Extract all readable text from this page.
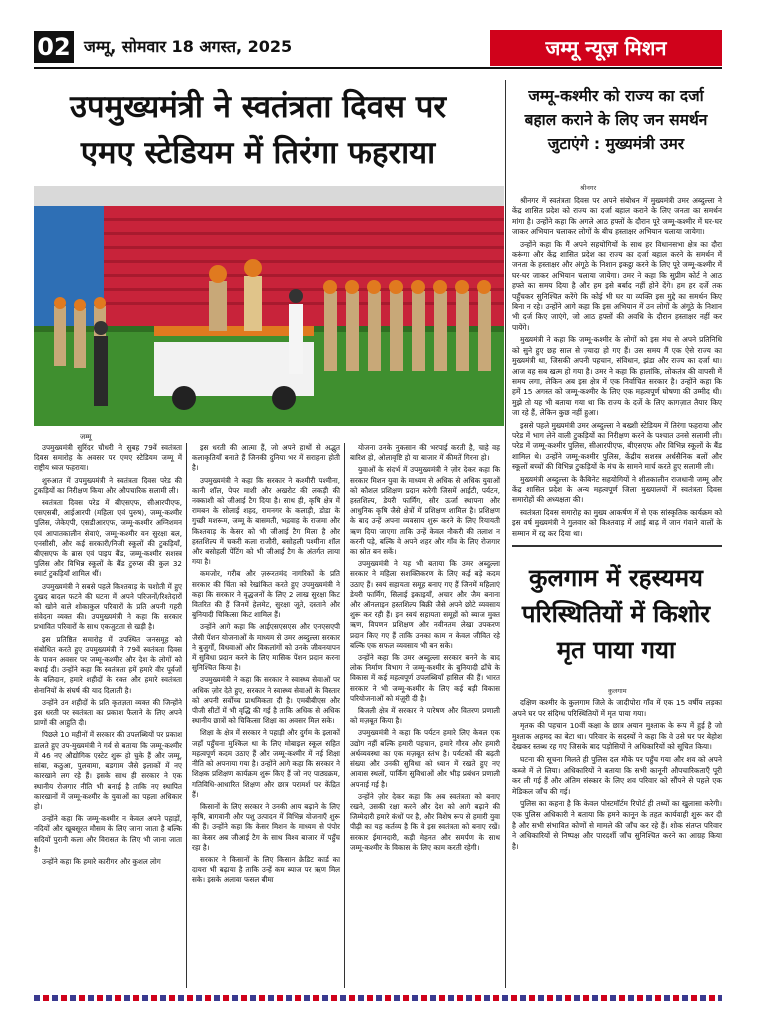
02 जम्मू, सोमवार 18 अगस्त, 2025	जम्मू न्यूज़ मिशन
उपमुख्यमंत्री ने स्वतंत्रता दिवस पर
एमए स्टेडियम में तिरंगा फहराया
जम्मू

उपमुख्यमंत्री सुरिंदर चौधरी ने सुबह 79वें स्वतंत्रता दिवस समारोह के अवसर पर एमए स्टेडियम जम्मू में राष्ट्रीय ध्वज फहराया।

शुरुआत में उपमुख्यमंत्री ने स्वतंत्रता दिवस परेड की टुकड़ियों का निरीक्षण किया और औपचारिक सलामी ली।

स्वतंत्रता दिवस परेड में बीएसएफ, सीआरपीएफ, एसएसबी, आईआरपी (महिला एवं पुरुष), जम्मू-कश्मीर पुलिस, जेकेएपी, एसडीआरएफ, जम्मू-कश्मीर अग्निशमन एवं आपातकालीन सेवाएं, जम्मू-कश्मीर वन सुरक्षा बल, एनसीसी, और कई सरकारी/निजी स्कूलों की टुकड़ियाँ, बीएसएफ के ब्रास एवं पाइप बैंड, जम्मू-कश्मीर सशस्त्र पुलिस और विभिन्न स्कूलों के बैंड टुरुप्स की कुल 32 स्मार्ट टुकड़ियाँ शामिल थीं।

उपमुख्यमंत्री ने सबसे पहले किश्तवाड़ के चशोती में हुए दुखद बादल फटने की घटना में अपने परिजनों/रिश्तेदारों को खोने वाले शोकाकुल परिवारों के प्रति अपनी गहरी संवेदना व्यक्त की। उपमुख्यमंत्री ने कहा कि सरकार प्रभावित परिवारों के साथ एकजुटता से खड़ी है।

इस प्रतिष्ठित समारोह में उपस्थित जनसमूह को संबोधित करते हुए उपमुख्यमंत्री ने 79वें स्वतंत्रता दिवस के पावन अवसर पर जम्मू-कश्मीर और देश के लोगों को बधाई दी। उन्होंने कहा कि स्वतंत्रता हमें हमारे वीर पूर्वजों के बलिदान, हमारे शहीदों के रक्त और हमारे स्वतंत्रता सेनानियों के संघर्ष की याद दिलाती है।

उन्होंने उन शहीदों के प्रति कृतज्ञता व्यक्त की जिन्होंने इस धरती पर स्वतंत्रता का प्रकाश फैलाने के लिए अपने प्राणों की आहुति दी।

पिछले 10 महीनों में सरकार की उपलब्धियों पर प्रकाश डालते हुए उप-मुख्यमंत्री ने गर्व से बताया कि जम्मू-कश्मीर में 46 नए औद्योगिक एस्टेट शुरू हो चुके हैं और जम्मू, सांबा, कठुआ, पुलवामा, बडगाम जैसे इलाकों में नए कारखाने लग रहे हैं। इसके साथ ही सरकार ने एक स्थानीय रोजगार नीति भी बनाई है ताकि नए स्थापित कारखानों में जम्मू-कश्मीर के युवाओं का पहला अधिकार हो।

उन्होंने कहा कि जम्मू-कश्मीर न केवल अपने पहाड़ों, नदियों और खूबसूरत मौसम के लिए जाना जाता है बल्कि सदियों पुरानी कला और विरासत के लिए भी जाना जाता है।

उन्होंने कहा कि हमारे कारीगर और कुशल लोग

इस धरती की आत्मा हैं, जो अपने हाथों से अद्भुत कलाकृतियाँ बनाते हैं जिनकी दुनिया भर में सराहना होती है।

उपमुख्यमंत्री ने कहा कि सरकार ने कश्मीरी पश्मीना, कानी शॉल, पेपर माशी और अखरोट की लकड़ी की नक्काशी को जीआई टैग दिया है। साथ ही, कृषि क्षेत्र में रामबन के सोलाई शहद, रामनगर के कलाड़ी, डोडा के गुच्छी मशरूम, जम्मू के बासमती, भद्रवाह के राजमा और किश्तवाड़ के केसर को भी जीआई टैग मिला है और हस्तशिल्प में चकरी कला राजौरी, बसोहली पश्मीना शॉल और बसोहली पेंटिंग को भी जीआई टैग के अंतर्गत लाया गया है।

कमजोर, गरीब और ज़रूरतमंद नागरिकों के प्रति सरकार की चिंता को रेखांकित करते हुए उपमुख्यमंत्री ने कहा कि सरकार ने वृद्धजनों के लिए 2 लाख सुरक्षा किट वितरित की हैं जिनमें हेलमेट, सुरक्षा जूते, दस्ताने और बुनियादी चिकित्सा किट शामिल हैं।

उन्होंने आगे कहा कि आईएसएसएस और एनएसएपी जैसी पेंशन योजनाओं के माध्यम से उमर अब्दुल्ला सरकार ने बुजुर्गों, विधवाओं और विकलांगों को उनके जीवनयापन में सुविधा प्रदान करने के लिए मासिक पेंशन प्रदान करना सुनिश्चित किया है।

उपमुख्यमंत्री ने कहा कि सरकार ने स्वास्थ्य सेवाओं पर अधिक ज़ोर देते हुए, सरकार ने स्वास्थ्य सेवाओं के विस्तार को अपनी सर्वोच्च प्राथमिकता दी है। एमबीबीएस और पीजी सीटों में भी वृद्धि की गई है ताकि अधिक से अधिक स्थानीय छात्रों को चिकित्सा शिक्षा का अवसर मिल सके।

शिक्षा के क्षेत्र में सरकार ने पहाड़ी और दुर्गम के इलाकों जहाँ पहुँचना मुश्किल था के लिए मोबाइल स्कूल सहित महत्वपूर्ण कदम उठाए हैं और जम्मू-कश्मीर में नई शिक्षा नीति को अपनाया गया है। उन्होंने आगे कहा कि सरकार ने शिक्षक प्रशिक्षण कार्यक्रम शुरू किए हैं जो नए पाठ्यक्रम, गतिविधि-आधारित शिक्षण और छात्र परामर्श पर केंद्रित हैं।

किसानों के लिए सरकार ने उनकी आय बढ़ाने के लिए कृषि, बागवानी और पशु उत्पादन में विभिन्न योजनाएँ शुरू की हैं। उन्होंने कहा कि केसर मिशन के माध्यम से पंपोर का केसर अब जीआई टैग के साथ विश्व बाजार में पहुँच रहा है।

सरकार ने किसानों के लिए किसान क्रेडिट कार्ड का दायरा भी बढ़ाया है ताकि उन्हें कम ब्याज पर ऋण मिल सके। इसके अलावा फसल बीमा

योजना उनके नुकसान की भरपाई करती है, चाहे वह बारिश हो, ओलावृष्टि हो या बाजार में कीमतें गिरना हो।

युवाओं के संदर्भ में उपमुख्यमंत्री ने ज़ोर देकर कहा कि सरकार मिशन युवा के माध्यम से अधिक से अधिक युवाओं को कौशल प्रशिक्षण प्रदान करेगी जिसमें आईटी, पर्यटन, हस्तशिल्प, डेयरी फार्मिंग, सौर ऊर्जा स्थापना और आधुनिक कृषि जैसे क्षेत्रों में प्रशिक्षण शामिल है। प्रशिक्षण के बाद उन्हें अपना व्यवसाय शुरू करने के लिए रियायती ऋण दिया जाएगा ताकि उन्हें केवल नौकरी की तलाश न करनी पड़े, बल्कि वे अपने शहर और गाँव के लिए रोजगार का स्रोत बन सकें।

उपमुख्यमंत्री ने यह भी बताया कि उमर अब्दुल्ला सरकार ने महिला सशक्तिकरण के लिए कई बड़े कदम उठाए हैं। स्वयं सहायता समूह बनाए गए हैं जिनमें महिलाएं डेयरी फार्मिंग, सिलाई इकाइयाँ, अचार और जैम बनाना और ऑनलाइन हस्तशिल्प बिक्री जैसे अपने छोटे व्यवसाय शुरू कर रही हैं। इन स्वयं सहायता समूहों को ब्याज मुक्त ऋण, विपणन प्रशिक्षण और नवीनतम लेखा उपकरण प्रदान किए गए हैं ताकि उनका काम न केवल जीवित रहे बल्कि एक सफल व्यवसाय भी बन सके।

उन्होंने कहा कि उमर अब्दुल्ला सरकार बनने के बाद लोक निर्माण विभाग ने जम्मू-कश्मीर के बुनियादी ढाँचे के विकास में कई महत्वपूर्ण उपलब्धियाँ हासिल की हैं। भारत सरकार ने भी जम्मू-कश्मीर के लिए कई बड़ी विकास परियोजनाओं को मंज़ूरी दी है।

बिजली क्षेत्र में सरकार ने पारेषण और वितरण प्रणाली को मज़बूत किया है।

उपमुख्यमंत्री ने कहा कि पर्यटन हमारे लिए केवल एक उद्योग नहीं बल्कि हमारी पहचान, हमारे गौरव और हमारी अर्थव्यवस्था का एक मज़बूत स्तंभ है। पर्यटकों की बढ़ती संख्या और उनकी सुविधा को ध्यान में रखते हुए नए आवास स्थलों, पार्किंग सुविधाओं और भीड़ प्रबंधन प्रणाली अपनाई गई है।

उन्होंने ज़ोर देकर कहा कि अब स्वतंत्रता को बनाए रखने, उसकी रक्षा करने और देश को आगे बढ़ाने की जिम्मेदारी हमारे कंधों पर है, और विशेष रूप से हमारी युवा पीढ़ी का यह कर्तव्य है कि वे इस स्वतंत्रता को बनाए रखें। सरकार ईमानदारी, कड़ी मेहनत और समर्पण के साथ जम्मू-कश्मीर के विकास के लिए काम करती रहेगी।

जम्मू-कश्मीर को राज्य का दर्जा बहाल कराने के लिए जन समर्थन जुटाएंगे : मुख्यमंत्री उमर
श्रीनगर

श्रीनगर में स्वतंत्रता दिवस पर अपने संबोधन में मुख्यमंत्री उमर अब्दुल्ला ने केंद्र शासित प्रदेश को राज्य का दर्जा बहाल कराने के लिए जनता का समर्थन मांगा है। उन्होंने कहा कि अगले आठ हफ्तों के दौरान पूरे जम्मू-कश्मीर में घर-घर जाकर अभियान चलाकर लोगों के बीच हस्ताक्षर अभियान चलाया जायेगा।

उन्होंने कहा कि मैं अपने सहयोगियों के साथ हर विधानसभा क्षेत्र का दौरा करूंगा और केंद्र शासित प्रदेश का राज्य का दर्जा बहाल करने के समर्थन में जनता के हस्ताक्षर और अंगूठे के निशान इकट्ठा करने के लिए पूरे जम्मू-कश्मीर में घर-घर जाकर अभियान चलाया जायेगा। उमर ने कहा कि सुप्रीम कोर्ट ने आठ हफ्ते का समय दिया है और हम इसे बर्बाद नहीं होने देंगे। हम हर दर्जे तक पहुँचकर सुनिश्चित करेंगे कि कोई भी घर या व्यक्ति इस मुद्दे का समर्थन किए बिना न रहे। उन्होंने आगे कहा कि इस अभियान में उन लोगों के अंगूठे के निशान भी दर्ज किए जाएंगे, जो आठ हफ्तों की अवधि के दौरान हस्ताक्षर नहीं कर पायेंगे।

मुख्यमंत्री ने कहा कि जम्मू-कश्मीर के लोगों को इस मंच से अपने प्रतिनिधि को सुने हुए छह साल से ज़्यादा हो गए हैं। उस समय मैं एक ऐसे राज्य का मुख्यमंत्री था, जिसकी अपनी पहचान, संविधान, झंडा और राज्य का दर्जा था। आज वह सब खत्म हो गया है। उमर ने कहा कि हालांकि, लोकतंत्र की वापसी में समय लगा, लेकिन अब इस क्षेत्र में एक निर्वाचित सरकार है। उन्होंने कहा कि हमें 15 अगस्त को जम्मू-कश्मीर के लिए एक महत्वपूर्ण घोषणा की उम्मीद थी। मुझे तो यह भी बताया गया था कि राज्य के दर्जे के लिए कागज़ात तैयार किए जा रहे हैं, लेकिन कुछ नहीं हुआ।

इससे पहले मुख्यमंत्री उमर अब्दुल्ला ने बख्शी स्टेडियम में तिरंगा फहराया और परेड में भाग लेने वाली टुकड़ियों का निरीक्षण करने के पश्चात उनसे सलामी ली। परेड में जम्मू-कश्मीर पुलिस, सीआरपीएफ, बीएसएफ और विभिन्न स्कूलों के बैंड शामिल थे। उन्होंने जम्मू-कश्मीर पुलिस, केंद्रीय सशस्त्र अर्धसैनिक बलों और स्कूलों बच्चों की विभिन्न टुकड़ियों के मंच के सामने मार्च करते हुए सलामी ली।

मुख्यमंत्री अब्दुल्ला के कैबिनेट सहयोगियों ने शीतकालीन राजधानी जम्मू और केंद्र शासित प्रदेश के अन्य महत्वपूर्ण जिला मुख्यालयों में स्वतंत्रता दिवस समारोहों की अध्यक्षता की।

स्वतंत्रता दिवस समारोह का मुख्य आकर्षण में से एक सांस्कृतिक कार्यक्रम को इस वर्ष मुख्यमंत्री ने गुलवार को किश्तवाड़ में आई बाढ़ में जान गंवाने वालों के सम्मान में रद्द कर दिया था।

कुलगाम में रहस्यमय परिस्थितियों में किशोर मृत पाया गया
कुलगाम

दक्षिण कश्मीर के कुलगाम जिले के जादीपोरा गाँव में एक 15 वर्षीय लड़का अपने घर पर संदिग्ध परिस्थितियों में मृत पाया गया।

मृतक की पहचान 10वीं कक्षा के छात्र अयान मुश्ताक के रूप में हुई है जो मुश्ताक अहमद का बेटा था। परिवार के सदस्यों ने कहा कि वे उसे घर पर बेहोश देखकर स्तब्ध रह गए जिसके बाद पड़ोसियों ने अधिकारियों को सूचित किया।

घटना की सूचना मिलते ही पुलिस दल मौके पर पहुँच गया और शव को अपने कब्जे में ले लिया। अधिकारियों ने बताया कि सभी कानूनी औपचारिकताएँ पूरी कर ली गई हैं और अंतिम संस्कार के लिए शव परिवार को सौंपने से पहले एक मेडिकल जाँच की गई।

पुलिस का कहना है कि केवल पोस्टमॉर्टम रिपोर्ट ही तथ्यों का खुलासा करेगी। एक पुलिस अधिकारी ने बताया कि हमने कानून के तहत कार्यवाही शुरू कर दी है और सभी संभावित कोणों से मामले की जाँच कर रहे हैं। शोक संतप्त परिवार ने अधिकारियों से निष्पक्ष और पारदर्शी जाँच सुनिश्चित करने का आग्रह किया है।
